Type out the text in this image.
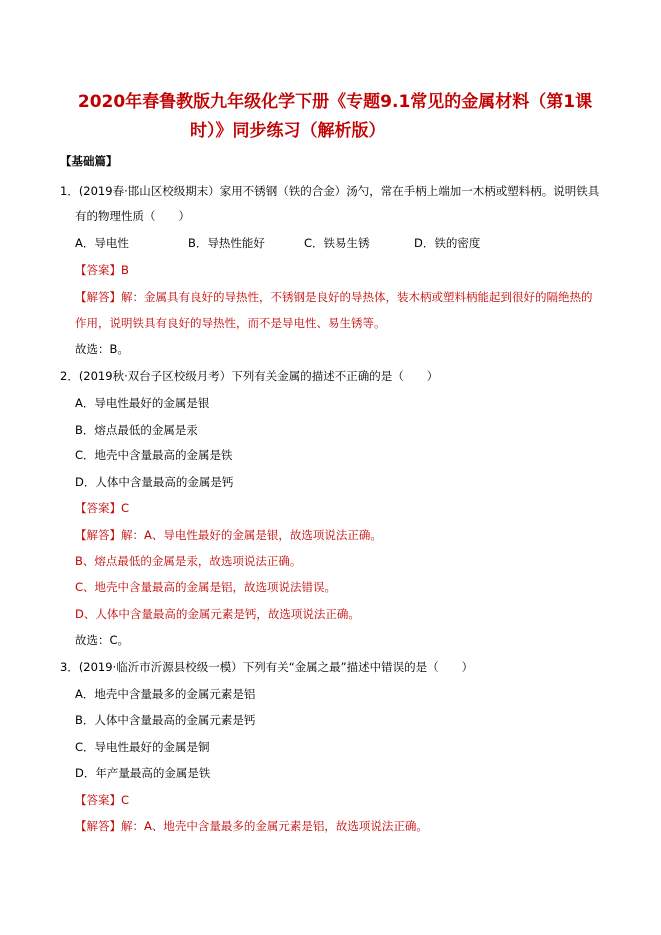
2020年春鲁教版九年级化学下册《专题9.1常见的金属材料（第1课
时）》同步练习（解析版）
【基础篇】
1．(2019春·邯山区校级期末）家用不锈钢（铁的合金）汤勺，常在手柄上端加一木柄或塑料柄。说明铁具
有的物理性质（　　）
A．导电性	B．导热性能好	C．铁易生锈	D．铁的密度
【答案】B
【解答】解：金属具有良好的导热性，不锈钢是良好的导热体，装木柄或塑料柄能起到很好的隔绝热的
作用，说明铁具有良好的导热性，而不是导电性、易生锈等。
故选：B。
2．(2019秋·双台子区校级月考）下列有关金属的描述不正确的是（　　）
A．导电性最好的金属是银
B．熔点最低的金属是汞
C．地壳中含量最高的金属是铁
D．人体中含量最高的金属是钙
【答案】C
【解答】解：A、导电性最好的金属是银，故选项说法正确。
B、熔点最低的金属是汞，故选项说法正确。
C、地壳中含量最高的金属是铝，故选项说法错误。
D、人体中含量最高的金属元素是钙，故选项说法正确。
故选：C。
3．(2019·临沂市沂源县校级一模）下列有关“金属之最”描述中错误的是（　　）
A．地壳中含量最多的金属元素是铝
B．人体中含量最高的金属元素是钙
C．导电性最好的金属是铜
D．年产量最高的金属是铁
【答案】C
【解答】解：A、地壳中含量最多的金属元素是铝，故选项说法正确。
